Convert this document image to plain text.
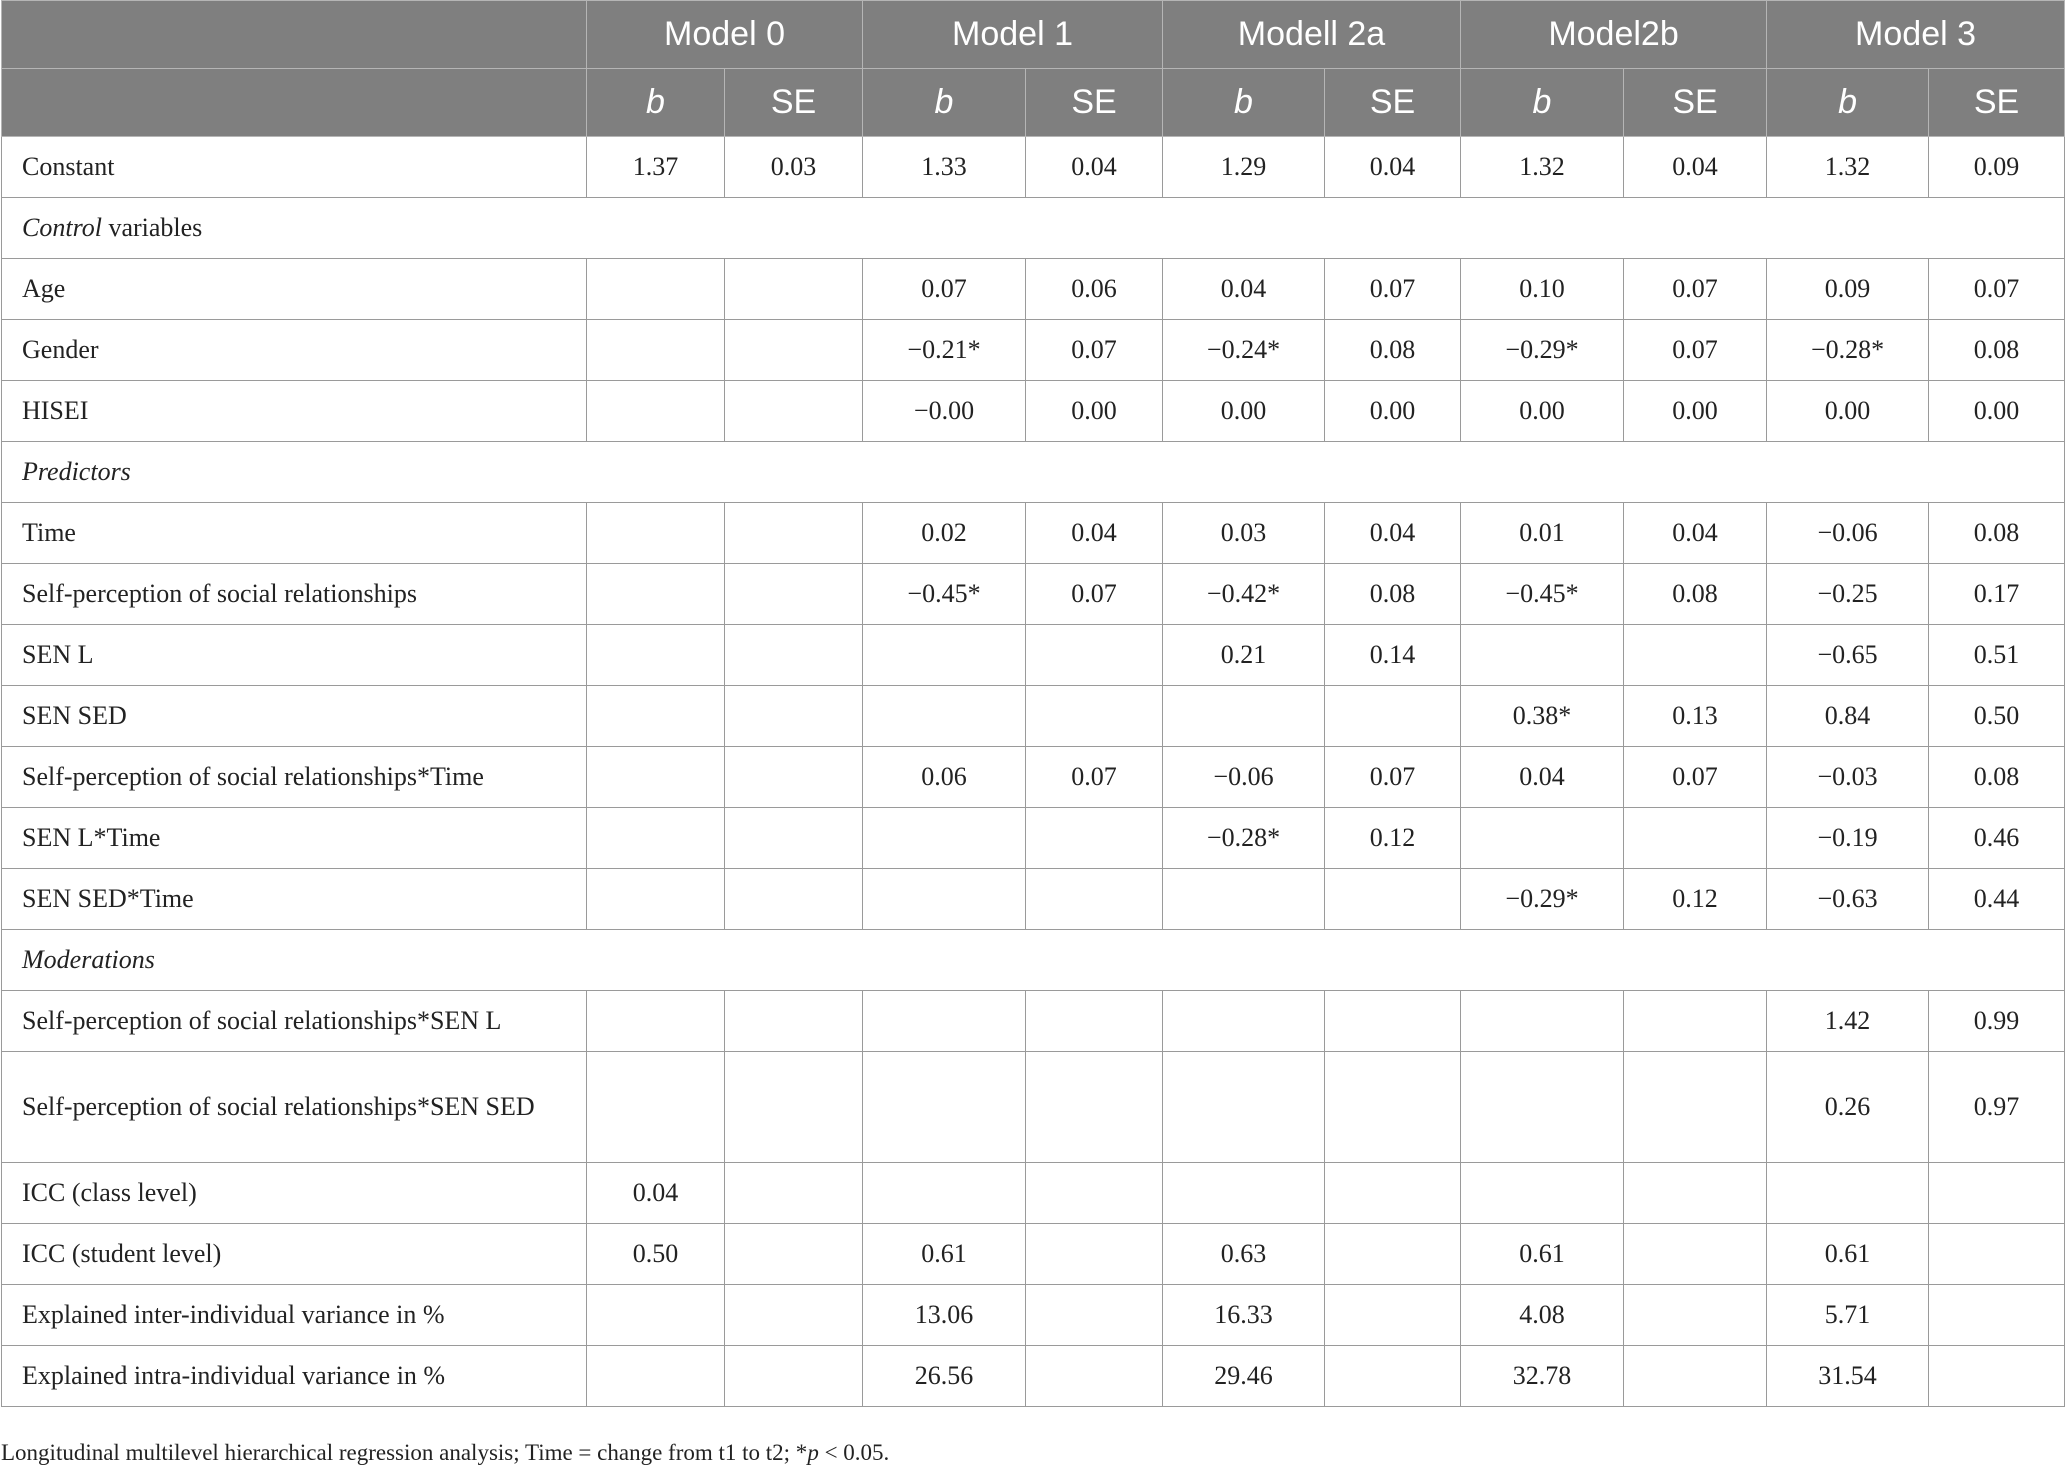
	Model 0		Model 1		Modell 2a		Model2b		Model 3	
	b	SE	b	SE	b	SE	b	SE	b	SE
Constant	1.37	0.03	1.33	0.04	1.29	0.04	1.32	0.04	1.32	0.09
Control variables										
Age			0.07	0.06	0.04	0.07	0.10	0.07	0.09	0.07
Gender			−0.21*	0.07	−0.24*	0.08	−0.29*	0.07	−0.28*	0.08
HISEI			−0.00	0.00	0.00	0.00	0.00	0.00	0.00	0.00
Predictors										
Time			0.02	0.04	0.03	0.04	0.01	0.04	−0.06	0.08
Self-perception of social relationships			−0.45*	0.07	−0.42*	0.08	−0.45*	0.08	−0.25	0.17
SEN L					0.21	0.14			−0.65	0.51
SEN SED							0.38*	0.13	0.84	0.50
Self-perception of social relationships*Time			0.06	0.07	−0.06	0.07	0.04	0.07	−0.03	0.08
SEN L*Time					−0.28*	0.12			−0.19	0.46
SEN SED*Time							−0.29*	0.12	−0.63	0.44
Moderations										
Self-perception of social relationships*SEN L									1.42	0.99
Self-perception of social relationships*SEN SED									0.26	0.97
ICC (class level)	0.04									
ICC (student level)	0.50		0.61		0.63		0.61		0.61	
Explained inter-individual variance in %			13.06		16.33		4.08		5.71	
Explained intra-individual variance in %			26.56		29.46		32.78		31.54	
Longitudinal multilevel hierarchical regression analysis; Time = change from t1 to t2; *p < 0.05.
